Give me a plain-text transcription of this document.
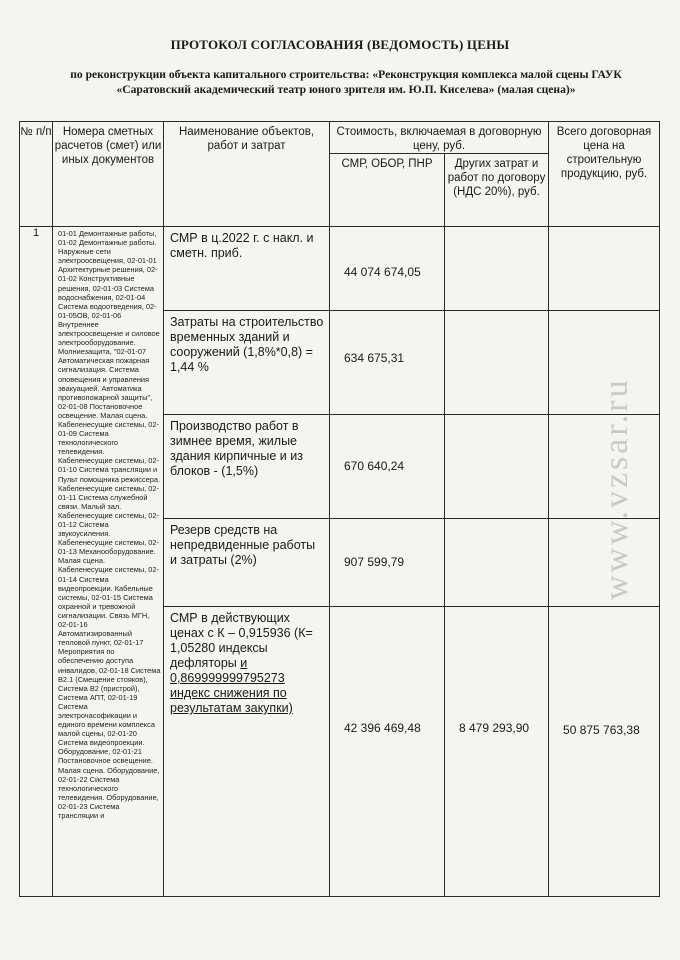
ПРОТОКОЛ СОГЛАСОВАНИЯ (ВЕДОМОСТЬ) ЦЕНЫ
по реконструкции объекта капитального строительства: «Реконструкция комплекса малой сцены ГАУК «Саратовский академический театр юного зрителя им. Ю.П. Киселева» (малая сцена)»
№ п/п	Номера сметных расчетов (смет) или иных документов	Наименование объектов, работ и затрат	Стоимость, включаемая в договорную цену, руб.		Всего договорная цена на строительную продукцию, руб.
			СМР, ОБОР, ПНР	Других затрат и работ по договору (НДС 20%), руб.	
1	01-01 Демонтажные работы, 01-02 Демонтажные работы. Наружные сети электроосвещения, 02-01-01 Архитектурные решения, 02-01-02 Конструктивные решения, 02-01-03 Система водоснабжения, 02-01-04 Система водоотведения, 02-01-05ОВ, 02-01-06 Внутреннее электроосвещение и силовое электрооборудование. Молниезащита, "02-01-07 Автоматическая пожарная сигнализация. Система оповещения и управления эвакуацией. Автоматика противопожарной защиты", 02-01-08 Постановочное освещение. Малая сцена. Кабеленесущие системы, 02-01-09 Система технологического телевидения. Кабеленесущие системы, 02-01-10 Система трансляции и Пульт помощника режиссера. Кабеленесущие системы, 02-01-11 Система служебной связи. Малый зал. Кабеленесущие системы, 02-01-12 Система звукоусиления. Кабеленесущие системы, 02-01-13 Механооборудование. Малая сцена. Кабеленесущие системы, 02-01-14 Система видеопроекции. Кабельные системы, 02-01-15 Система охранной и тревожной сигнализации. Связь МГН, 02-01-16 Автоматизированный тепловой пункт, 02-01-17 Мероприятия по обеспечению доступа инвалидов, 02-01-18 Система В2.1 (Смещение стояков), Система В2 (пристрой), Система АПТ, 02-01-19 Система электрочасофикации и единого времени комплекса малой сцены, 02-01-20 Система видеопроекции. Оборудование, 02-01-21 Постановочное освещение. Малая сцена. Оборудование, 02-01-22 Система технологического телевидения. Оборудование, 02-01-23 Система трансляции и	СМР в ц.2022 г. с накл. и сметн. приб.	44 074 674,05		

		Затраты на строительство временных зданий и сооружений (1,8%*0,8) = 1,44 %	634 675,31		

		Производство работ в зимнее время, жилые здания кирпичные и из блоков - (1,5%)	670 640,24		

		Резерв средств на непредвиденные работы и затраты (2%)	907 599,79		

		СМР в действующих ценах с К – 0,915936 (К= 1,05280 индексы дефляторы и 0,869999999795273 индекс снижения по результатам закупки)	42 396 469,48	8 479 293,90	50 875 763,38
www.vzsar.ru
